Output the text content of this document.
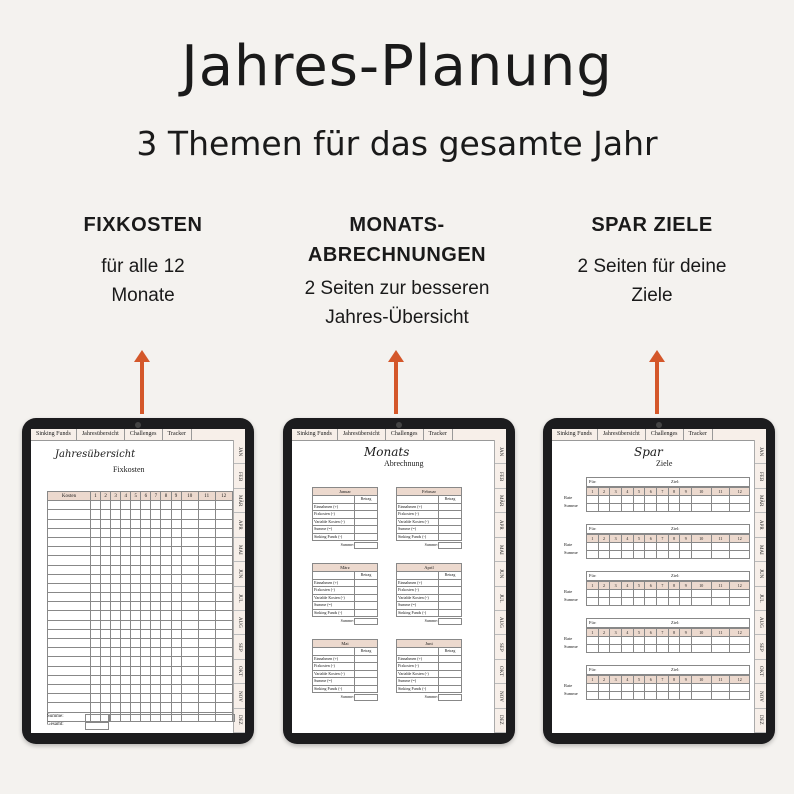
Jahres-Planung
3 Themen für das gesamte Jahr
FIXKOSTEN

für alle 12
Monate

MONATS-
ABRECHNUNGEN

2 Seiten zur besseren
Jahres-Übersicht

SPAR ZIELE

2 Seiten für deine
Ziele

Sinking Funds	Jahresübersicht	Challenges	Tracker
JAN
FEB
MÄR
APR
MAI
JUN
JUL
AUG
SEP
OKT
NOV
DEZ
Jahresübersicht
Fixkosten
Kosten	1	2	3	4	5	6	7	8	9	10	11	12

Summe:
Gesamt:
Sinking Funds	Jahresübersicht	Challenges	Tracker
JAN
FEB
MÄR
APR
MAI
JUN
JUL
AUG
SEP
OKT
NOV
DEZ
Monats
Abrechnung
Januar
Betrag
Einnahmen (+)
Fixkosten (-)
Variable Kosten (-)
Summe (=)
Sinking Funds (-)
Summe:
Februar
Betrag
Einnahmen (+)
Fixkosten (-)
Variable Kosten (-)
Summe (=)
Sinking Funds (-)
Summe:
März
Betrag
Einnahmen (+)
Fixkosten (-)
Variable Kosten (-)
Summe (=)
Sinking Funds (-)
Summe:
April
Betrag
Einnahmen (+)
Fixkosten (-)
Variable Kosten (-)
Summe (=)
Sinking Funds (-)
Summe:
Mai
Betrag
Einnahmen (+)
Fixkosten (-)
Variable Kosten (-)
Summe (=)
Sinking Funds (-)
Summe:
Juni
Betrag
Einnahmen (+)
Fixkosten (-)
Variable Kosten (-)
Summe (=)
Sinking Funds (-)
Summe:
Sinking Funds	Jahresübersicht	Challenges	Tracker
JAN
FEB
MÄR
APR
MAI
JUN
JUL
AUG
SEP
OKT
NOV
DEZ
Spar
Ziele
Für:	Ziel:
1	2	3	4	5	6	7	8	9	10	11	12

Rate
Summe
Für:	Ziel:
1	2	3	4	5	6	7	8	9	10	11	12

Rate
Summe
Für:	Ziel:
1	2	3	4	5	6	7	8	9	10	11	12

Rate
Summe
Für:	Ziel:
1	2	3	4	5	6	7	8	9	10	11	12

Rate
Summe
Für:	Ziel:
1	2	3	4	5	6	7	8	9	10	11	12

Rate
Summe
